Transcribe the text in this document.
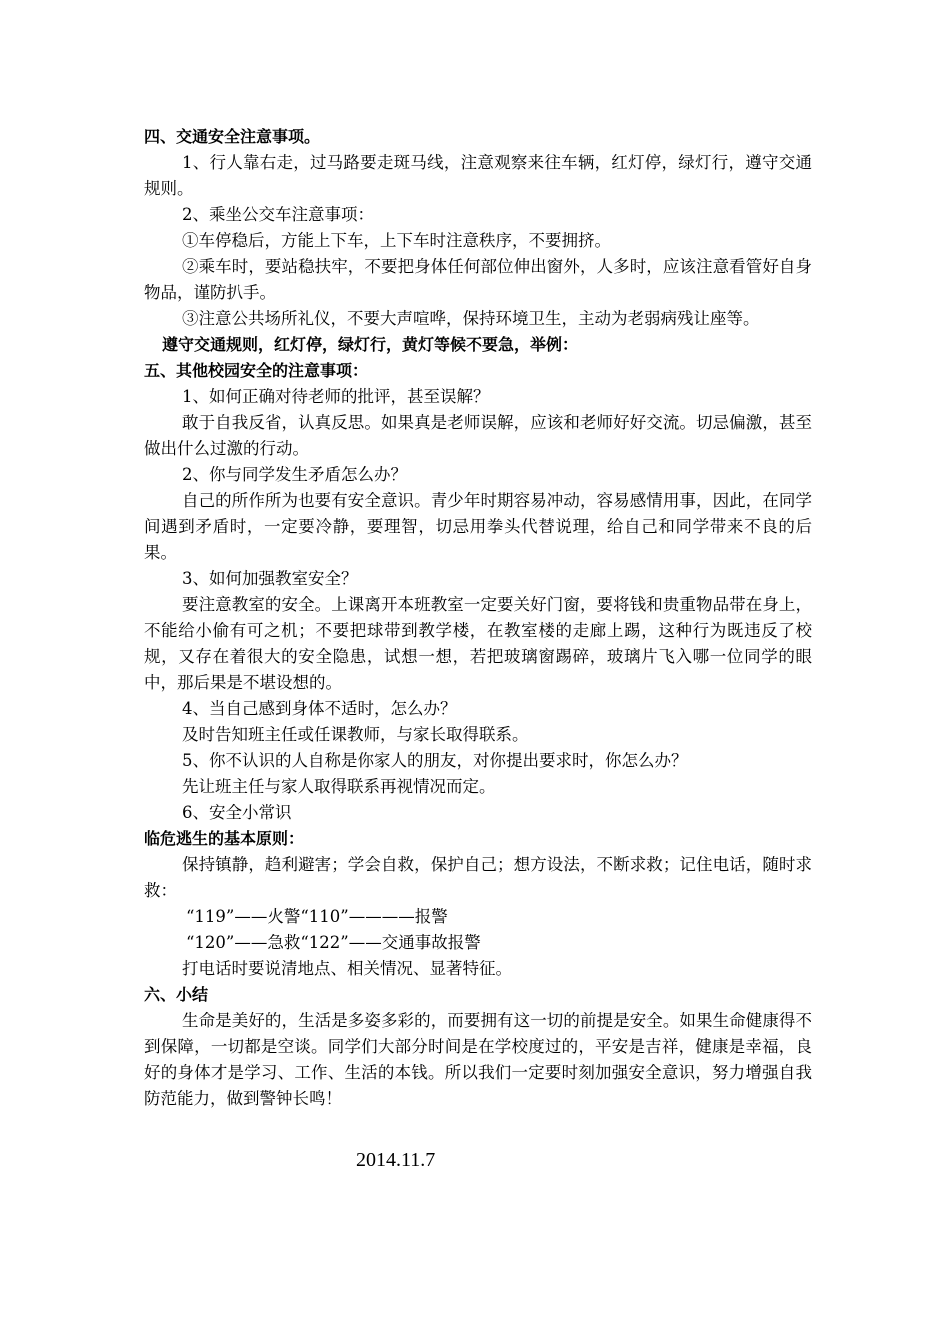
四、交通安全注意事项。
1、行人靠右走，过马路要走斑马线，注意观察来往车辆，红灯停，绿灯行，遵守交通规则。
2、乘坐公交车注意事项：
①车停稳后，方能上下车，上下车时注意秩序，不要拥挤。
②乘车时，要站稳扶牢，不要把身体任何部位伸出窗外，人多时，应该注意看管好自身物品，谨防扒手。
③注意公共场所礼仪，不要大声喧哗，保持环境卫生，主动为老弱病残让座等。
遵守交通规则，红灯停，绿灯行，黄灯等候不要急，举例：
五、其他校园安全的注意事项：
1、如何正确对待老师的批评，甚至误解？
敢于自我反省，认真反思。如果真是老师误解，应该和老师好好交流。切忌偏激，甚至做出什么过激的行动。
2、你与同学发生矛盾怎么办？
自己的所作所为也要有安全意识。青少年时期容易冲动，容易感情用事，因此，在同学间遇到矛盾时，一定要冷静，要理智，切忌用拳头代替说理，给自己和同学带来不良的后果。
3、如何加强教室安全？
要注意教室的安全。上课离开本班教室一定要关好门窗，要将钱和贵重物品带在身上，不能给小偷有可之机；不要把球带到教学楼，在教室楼的走廊上踢，这种行为既违反了校规，又存在着很大的安全隐患，试想一想，若把玻璃窗踢碎，玻璃片飞入哪一位同学的眼中，那后果是不堪设想的。
4、当自己感到身体不适时，怎么办？
及时告知班主任或任课教师，与家长取得联系。
5、你不认识的人自称是你家人的朋友，对你提出要求时，你怎么办？
先让班主任与家人取得联系再视情况而定。
6、安全小常识
临危逃生的基本原则：
保持镇静，趋利避害；学会自救，保护自己；想方设法，不断求救；记住电话，随时求救：
“119”——火警“110”————报警
“120”——急救“122”——交通事故报警
打电话时要说清地点、相关情况、显著特征。
六、小结
生命是美好的，生活是多姿多彩的，而要拥有这一切的前提是安全。如果生命健康得不到保障，一切都是空谈。同学们大部分时间是在学校度过的，平安是吉祥，健康是幸福，良好的身体才是学习、工作、生活的本钱。所以我们一定要时刻加强安全意识，努力增强自我防范能力，做到警钟长鸣！
2014.11.7
